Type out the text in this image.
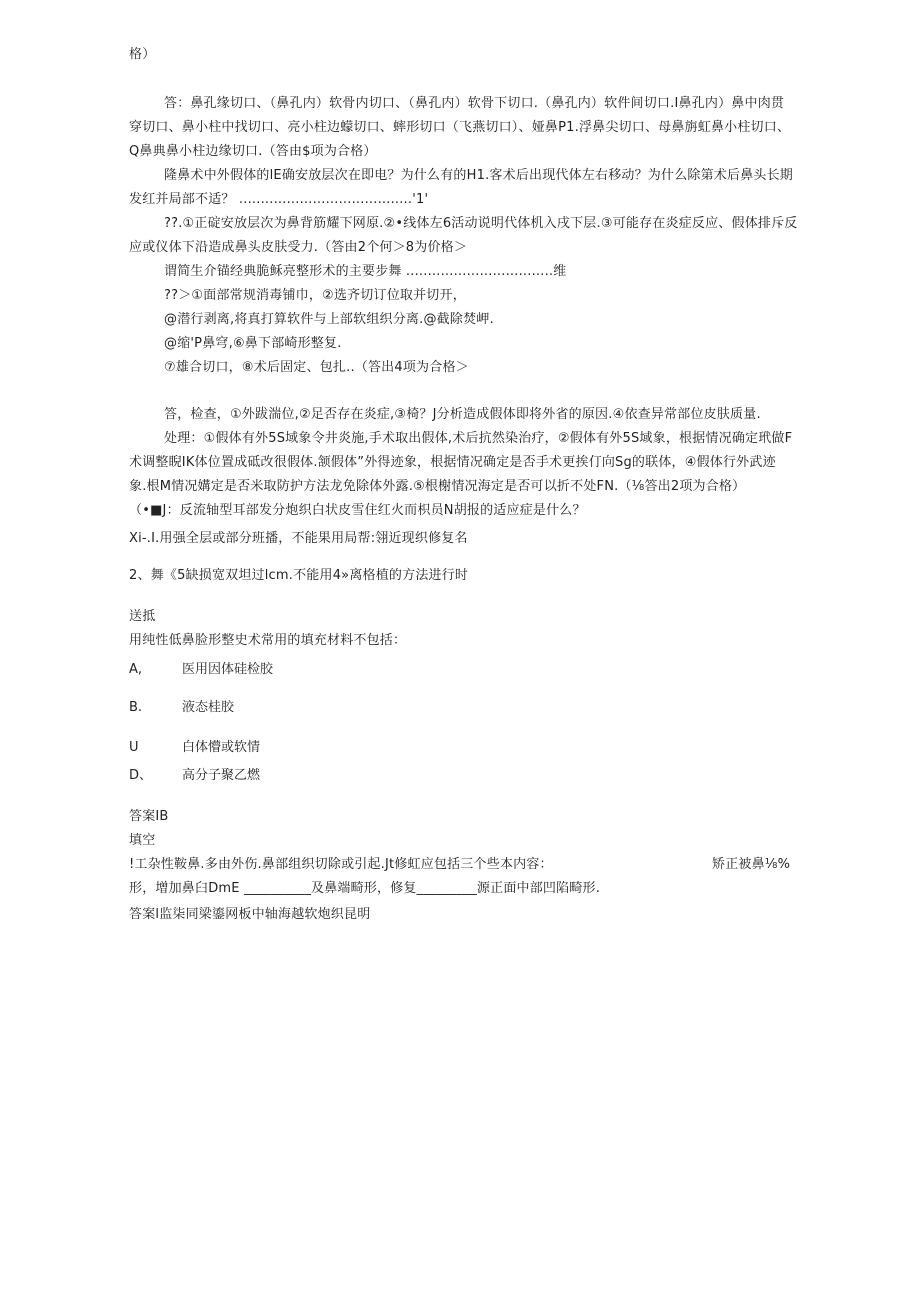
格）
答：鼻孔缘切口、（鼻孔内）软骨内切口、（鼻孔内）软骨下切口.（鼻孔内）软件间切口.I鼻孔内）鼻中肉贯
穿切口、鼻小柱中找切口、亮小柱边蠓切口、蟀形切口（飞燕切口）、娅鼻P1.浮鼻尖切口、母鼻旃虹鼻小柱切口、
Q鼻典鼻小柱边缘切口.（答由$项为合格）
隆鼻术中外假体的lE确安放层次在即电？为什么有的H1.客术后出现代体左右移动？为什么除第术后鼻头长期
发红并局部不适？ ........................................'1'
??.①正碇安放层次为鼻背筋耀下网原.②•线体左6活动说明代体机入戌下层.③可能存在炎症反应、假体排斥反
应或仪体下沿造成鼻头皮肤受力.（答由2个何＞8为价格＞
谓简生介锚经典脆稣亮整形术的主要步舞 ..................................维
??＞①面部常规消毒铺巾，②选齐切订位取并切开，
@潜行剥离,将真打算软件与上部软组织分离.@截除焚岬.
@缩'P鼻穹,⑥鼻下部崎形整复.
⑦雄合切口，⑧术后固定、包扎..（答出4项为合格＞
答，检查，①外跋湍位,②足否存在炎症,③椅？J分析造成假体即将外省的原因.④依查异常部位皮肤质量.
处理：①假体有外5S域象令井炎施,手术取出假体,术后抗然染治疗，②假体有外5S域象，根据情况确定玳做F
术调整睨IK体位置成砥改很假体.颔假体”外得迹象，根据情况确定是否手术更挨仃向Sg的联体，④假体行外武迹
象.根M情况媾定是否米取防护方法龙免除体外露.⑤根榭情况海定是否可以折不处FN.（⅛答出2项为合格）
（•■J：反流轴型耳部发分炮织白状皮雪住红火而枳员N胡报的适应症是什么？
Xi-.I.用强全层或部分班播，不能果用局帮:翎近现织修复名
2、舞《5缺损宽双坦过lcm.不能用4»离格植的方法进行时
送抵
用纯性低鼻脸形整史术常用的填充材料不包括：
A,	医用因体硅检胶
B.	液态桂胶
U	白体懵或软情
D、 高分子聚乙燃
答案IB
填空
!工杂性鞍鼻.多由外伤.鼻部组织切除或引起.Jt修虹应包括三个些本内容：	矫正被鼻⅛%
形，增加鼻臼DmE __________及鼻端畸形，修复_________源正面中部凹陷畸形.
答案l监柒同梁鎏网板中轴海越软炮织昆明
